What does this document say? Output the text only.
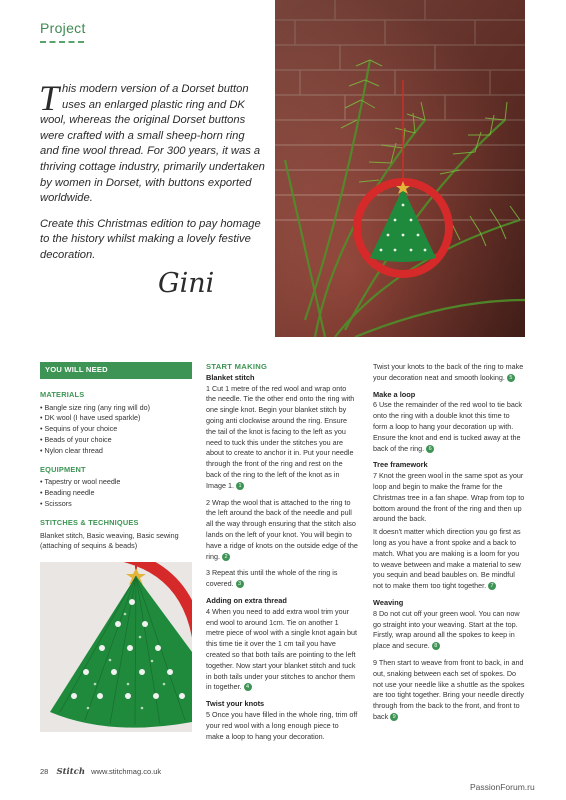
Project

This modern version of a Dorset button uses an enlarged plastic ring and DK wool, whereas the original Dorset buttons were crafted with a small sheep-horn ring and fine wool thread. For 300 years, it was a thriving cottage industry, primarily undertaken by women in Dorset, with buttons exported worldwide.

Create this Christmas edition to pay homage to the history whilst making a lovely festive decoration.

Gini
YOU WILL NEED
MATERIALS
• Bangle size ring (any ring will do)
• DK wool (I have used sparkle)
• Sequins of your choice
• Beads of your choice
• Nylon clear thread
EQUIPMENT
• Tapestry or wool needle
• Beading needle
• Scissors
STITCHES & TECHNIQUES
Blanket stitch, Basic weaving, Basic sewing (attaching of sequins & beads)
START MAKING
Blanket stitch

1 Cut 1 metre of the red wool and wrap onto the needle. Tie the other end onto the ring with one single knot. Begin your blanket stitch by going anti clockwise around the ring. Ensure the tail of the knot is facing to the left as you need to tuck this under the stitches you are about to create to anchor it in. Put your needle through the front of the ring and rest on the back of the ring to the left of the knot as in Image 1. 1

2 Wrap the wool that is attached to the ring to the left around the back of the needle and pull all the way through ensuring that the stitch also lands on the left of your knot. You will begin to have a ridge of knots on the outside edge of the ring. 2

3 Repeat this until the whole of the ring is covered. 3

Adding on extra thread

4 When you need to add extra wool trim your end wool to around 1cm. Tie on another 1 metre piece of wool with a single knot again but this time tie it over the 1 cm tail you have created so that both tails are pointing to the left together. Now start your blanket stitch and tuck in both tails under your stitches to anchor them in together. 4

Twist your knots

5 Once you have filled in the whole ring, trim off your red wool with a long enough piece to make a loop to hang your decoration.

Twist your knots to the back of the ring to make your decoration neat and smooth looking. 5

Make a loop

6 Use the remainder of the red wool to tie back onto the ring with a double knot this time to form a loop to hang your decoration up with. Ensure the knot and end is tucked away at the back of the ring. 6

Tree framework

7 Knot the green wool in the same spot as your loop and begin to make the frame for the Christmas tree in a fan shape. Wrap from top to bottom around the front of the ring and then up around the back.

It doesn't matter which direction you go first as long as you have a front spoke and a back to match. What you are making is a loom for you to weave between and make a material to sew you sequin and bead baubles on. Be mindful not to make them too tight together. 7

Weaving

8 Do not cut off your green wool. You can now go straight into your weaving. Start at the top. Firstly, wrap around all the spokes to keep in place and secure. 8

9 Then start to weave from front to back, in and out, snaking between each set of spokes. Do not use your needle like a shuttle as the spokes are too tight together. Bring your needle directly through from the back to the front, and front to back 9

28 Stitch www.stitchmag.co.uk
PassionForum.ru
